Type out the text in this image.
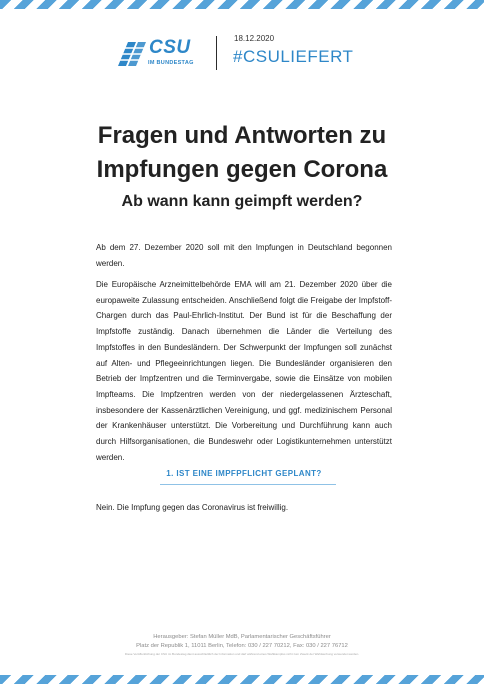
CSU
IM BUNDESTAG
18.12.2020
#CSULIEFERT
Fragen und Antworten zu
Impfungen gegen Corona
Ab wann kann geimpft werden?

Ab dem 27. Dezember 2020 soll mit den Impfungen in Deutschland begonnen werden.

Die Europäische Arzneimittelbehörde EMA will am 21. Dezember 2020 über die europaweite Zulassung entscheiden. Anschließend folgt die Freigabe der Impfstoff-Chargen durch das Paul-Ehrlich-Institut. Der Bund ist für die Beschaffung der Impfstoffe zuständig. Danach übernehmen die Länder die Verteilung des Impfstoffes in den Bundesländern. Der Schwerpunkt der Impfungen soll zunächst auf Alten- und Pflegeeinrichtungen liegen. Die Bundesländer organisieren den Betrieb der Impfzentren und die Terminvergabe, sowie die Einsätze von mobilen Impfteams. Die Impfzentren werden von der niedergelassenen Ärzteschaft, insbesondere der Kassenärztlichen Vereinigung, und ggf. medizinischem Personal der Krankenhäuser unterstützt. Die Vorbereitung und Durchführung kann auch durch Hilfsorganisationen, die Bundeswehr oder Logistikunternehmen unterstützt werden.

1. IST EINE IMPFPFLICHT GEPLANT?

Nein. Die Impfung gegen das Coronavirus ist freiwillig.

Herausgeber: Stefan Müller MdB, Parlamentarischer Geschäftsführer
Platz der Republik 1, 11011 Berlin, Telefon: 030 / 227 70212, Fax: 030 / 227 76712
Diese Veröffentlichung der CSU im Bundestag dient ausschließlich der Information und darf während eines Wahlkampfes nicht zum Zweck der Wahlwerbung verwendet werden.
